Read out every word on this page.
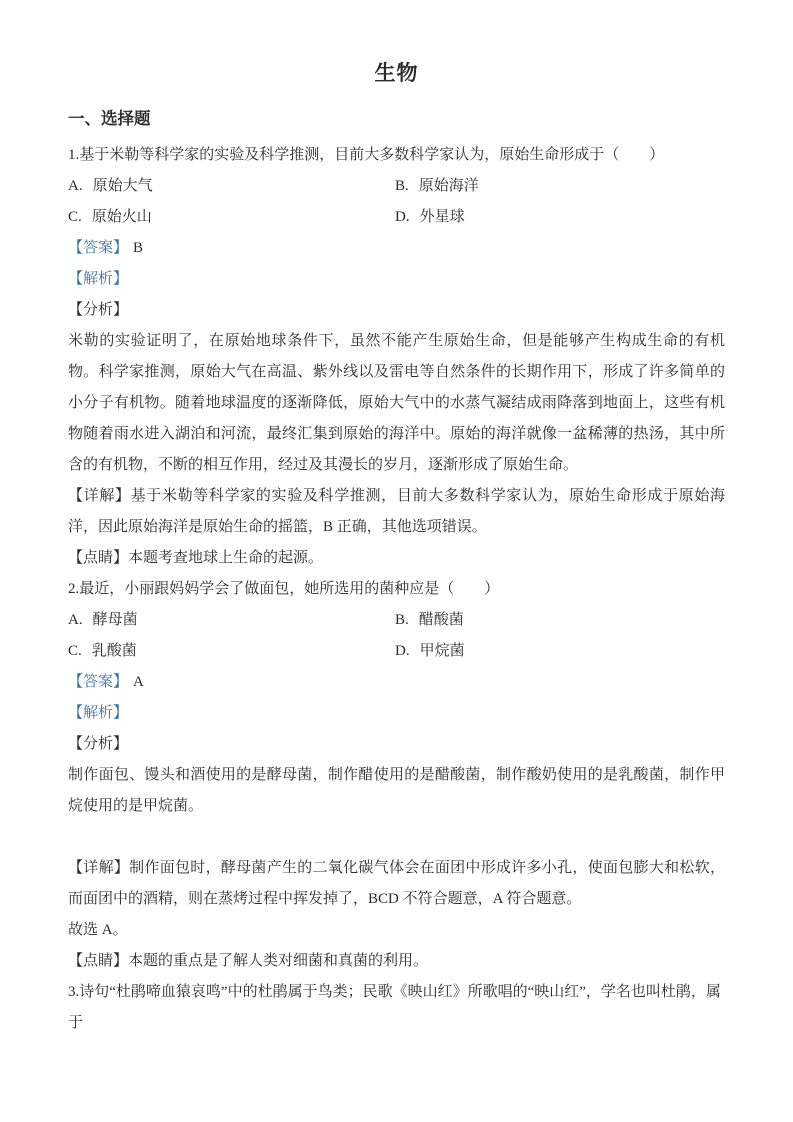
生物
一、选择题
1.基于米勒等科学家的实验及科学推测，目前大多数科学家认为，原始生命形成于（　　）
A. 原始大气	B. 原始海洋
C. 原始火山	D. 外星球
【答案】 B
【解析】
【分析】
米勒的实验证明了，在原始地球条件下，虽然不能产生原始生命，但是能够产生构成生命的有机物。科学家推测，原始大气在高温、紫外线以及雷电等自然条件的长期作用下，形成了许多简单的小分子有机物。随着地球温度的逐渐降低，原始大气中的水蒸气凝结成雨降落到地面上，这些有机物随着雨水进入湖泊和河流，最终汇集到原始的海洋中。原始的海洋就像一盆稀薄的热汤，其中所含的有机物，不断的相互作用，经过及其漫长的岁月，逐渐形成了原始生命。
【详解】基于米勒等科学家的实验及科学推测，目前大多数科学家认为，原始生命形成于原始海洋，因此原始海洋是原始生命的摇篮，B 正确，其他选项错误。
【点睛】本题考查地球上生命的起源。
2.最近，小丽跟妈妈学会了做面包，她所选用的菌种应是（　　）
A. 酵母菌	B. 醋酸菌
C. 乳酸菌	D. 甲烷菌
【答案】 A
【解析】
【分析】
制作面包、馒头和酒使用的是酵母菌，制作醋使用的是醋酸菌，制作酸奶使用的是乳酸菌，制作甲烷使用的是甲烷菌。
【详解】制作面包时，酵母菌产生的二氧化碳气体会在面团中形成许多小孔，使面包膨大和松软，而面团中的酒精，则在蒸烤过程中挥发掉了，BCD 不符合题意，A 符合题意。
故选 A。
【点睛】本题的重点是了解人类对细菌和真菌的利用。
3.诗句“杜鹃啼血猿哀鸣”中的杜鹃属于鸟类；民歌《映山红》所歌唱的“映山红”，学名也叫杜鹃，属于
